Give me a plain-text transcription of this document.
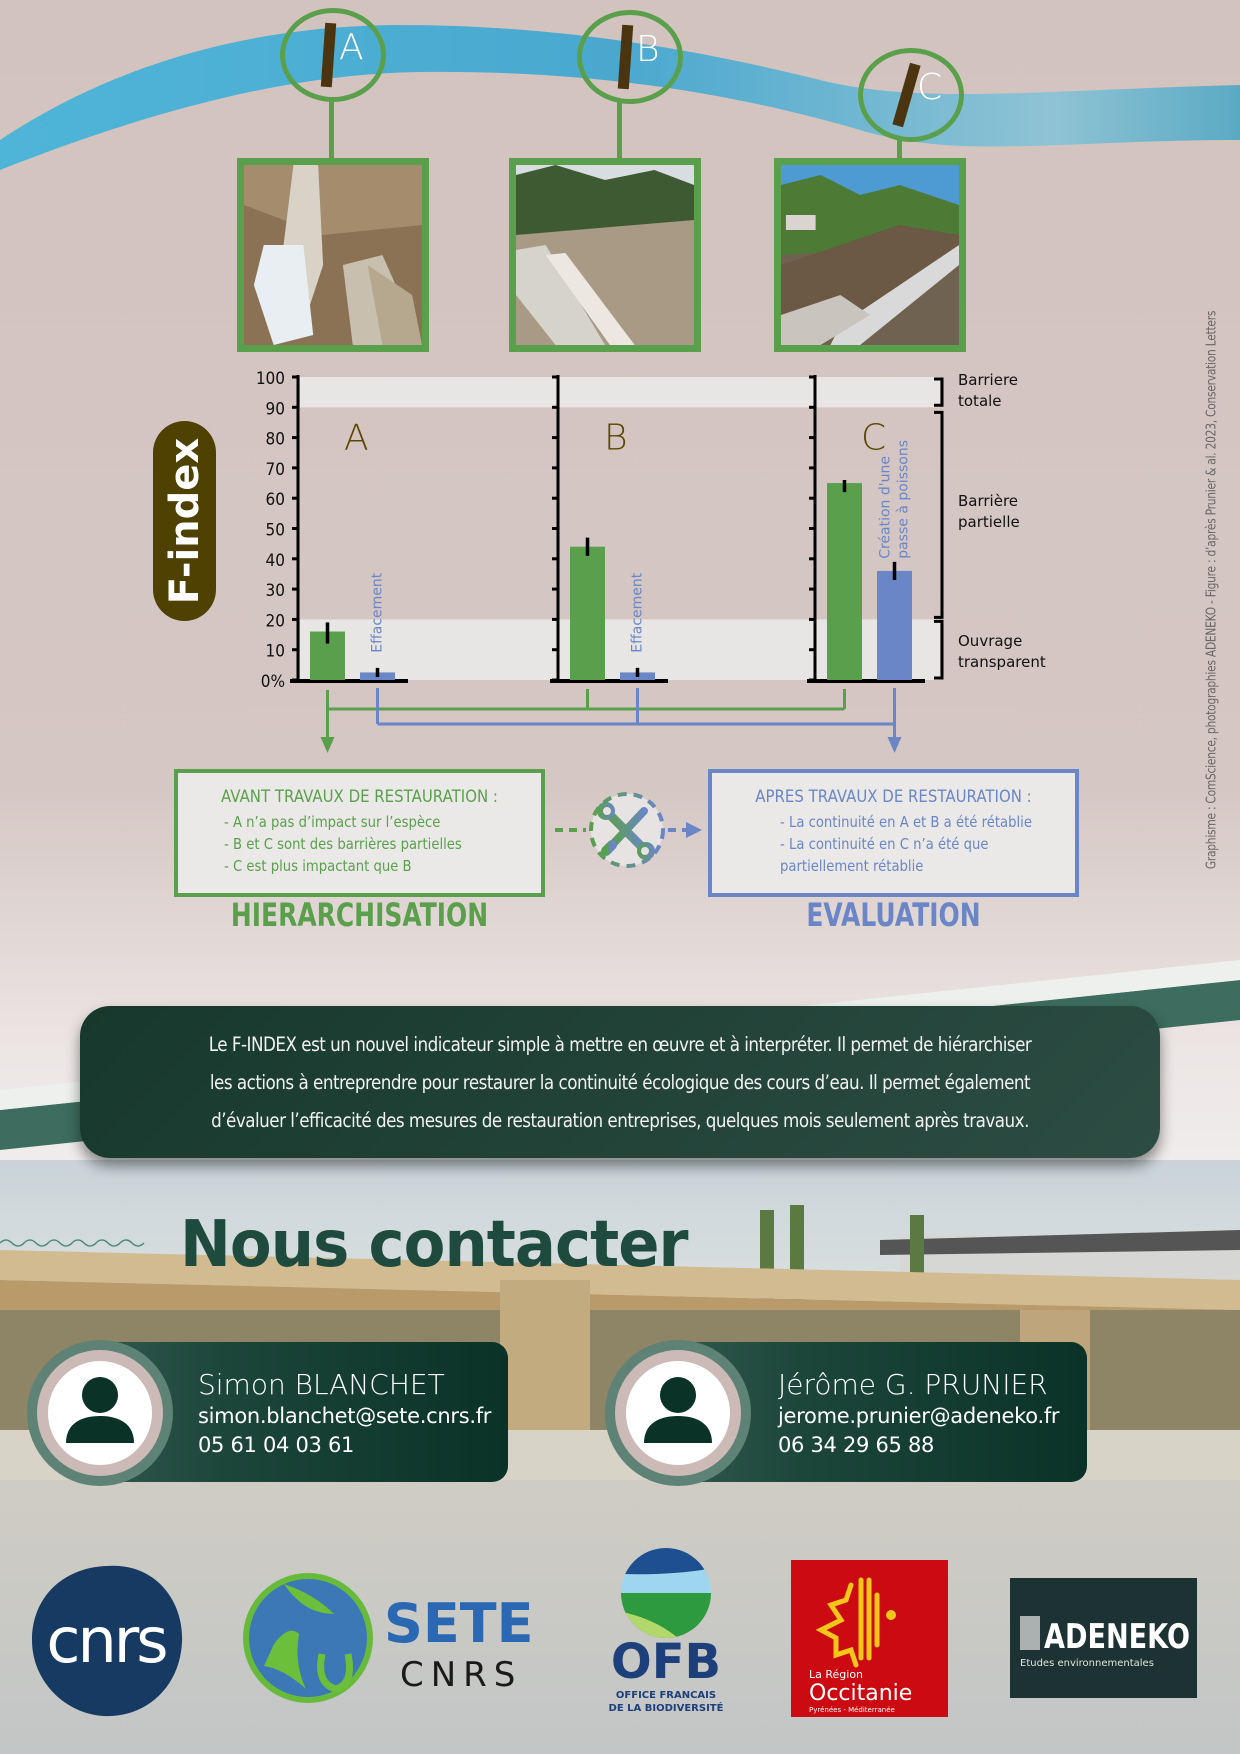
A	B
C
F-index
0%
10
20
30
40
50
60
70
80
90
100
A	B	C
Effacement	Effacement
Création d'une passe à poissons
Barriere
totale
Barrière
partielle
Ouvrage
transparent
AVANT TRAVAUX DE RESTAURATION :
- A n’a pas d’impact sur l’espèce
- B et C sont des barrières partielles
- C est plus impactant que B
HIERARCHISATION
APRES TRAVAUX DE RESTAURATION :
- La continuité en A et B a été rétablie
- La continuité en C n’a été que
partiellement rétablie
EVALUATION
Graphisme : ComScience, photographies ADENEKO - Figure : d’après Prunier & al. 2023, Conservation Letters

Le F-INDEX est un nouvel indicateur simple à mettre en œuvre et à interpréter. Il permet de hiérarchiser
les actions à entreprendre pour restaurer la continuité écologique des cours d’eau. Il permet également
d’évaluer l’efficacité des mesures de restauration entreprises, quelques mois seulement après travaux.

Nous contacter
Simon BLANCHET
simon.blanchet@sete.cnrs.fr
05 61 04 03 61
Jérôme G. PRUNIER
jerome.prunier@adeneko.fr
06 34 29 65 88
cnrs	SETE
CNRS OFB
OFFICE FRANCAIS
DE LA BIODIVERSITÉ
La Région
Occitanie
Pyrénées - Méditerranée
ADENEKO
Etudes environnementales
